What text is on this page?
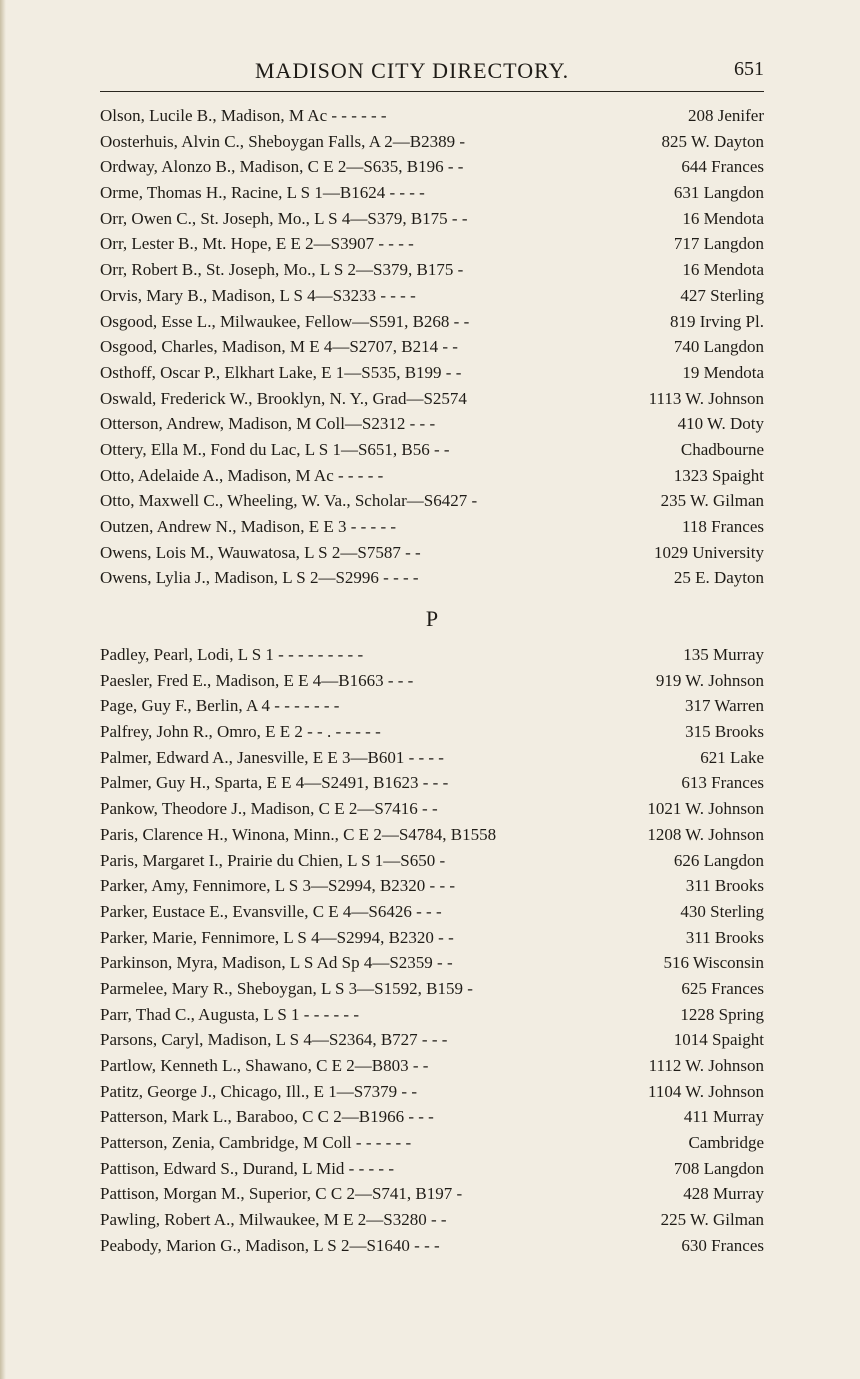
MADISON CITY DIRECTORY.	651
Olson, Lucile B., Madison, M Ac - - - - - -	208 Jenifer
Oosterhuis, Alvin C., Sheboygan Falls, A 2—B2389 -	825 W. Dayton
Ordway, Alonzo B., Madison, C E 2—S635, B196 - -	644 Frances
Orme, Thomas H., Racine, L S 1—B1624 - - - -	631 Langdon
Orr, Owen C., St. Joseph, Mo., L S 4—S379, B175 - -	16 Mendota
Orr, Lester B., Mt. Hope, E E 2—S3907 - - - -	717 Langdon
Orr, Robert B., St. Joseph, Mo., L S 2—S379, B175 -	16 Mendota
Orvis, Mary B., Madison, L S 4—S3233 - - - -	427 Sterling
Osgood, Esse L., Milwaukee, Fellow—S591, B268 - -	819 Irving Pl.
Osgood, Charles, Madison, M E 4—S2707, B214 - -	740 Langdon
Osthoff, Oscar P., Elkhart Lake, E 1—S535, B199 - -	19 Mendota
Oswald, Frederick W., Brooklyn, N. Y., Grad—S2574	1113 W. Johnson
Otterson, Andrew, Madison, M Coll—S2312 - - -	410 W. Doty
Ottery, Ella M., Fond du Lac, L S 1—S651, B56 - -	Chadbourne
Otto, Adelaide A., Madison, M Ac - - - - -	1323 Spaight
Otto, Maxwell C., Wheeling, W. Va., Scholar—S6427 -	235 W. Gilman
Outzen, Andrew N., Madison, E E 3 - - - - -	118 Frances
Owens, Lois M., Wauwatosa, L S 2—S7587 - -	1029 University
Owens, Lylia J., Madison, L S 2—S2996 - - - -	25 E. Dayton
P
Padley, Pearl, Lodi, L S 1 - - - - - - - - -	135 Murray
Paesler, Fred E., Madison, E E 4—B1663 - - -	919 W. Johnson
Page, Guy F., Berlin, A 4 - - - - - - -	317 Warren
Palfrey, John R., Omro, E E 2 - - . - - - - -	315 Brooks
Palmer, Edward A., Janesville, E E 3—B601 - - - -	621 Lake
Palmer, Guy H., Sparta, E E 4—S2491, B1623 - - -	613 Frances
Pankow, Theodore J., Madison, C E 2—S7416 - -	1021 W. Johnson
Paris, Clarence H., Winona, Minn., C E 2—S4784, B1558	1208 W. Johnson
Paris, Margaret I., Prairie du Chien, L S 1—S650 -	626 Langdon
Parker, Amy, Fennimore, L S 3—S2994, B2320 - - -	311 Brooks
Parker, Eustace E., Evansville, C E 4—S6426 - - -	430 Sterling
Parker, Marie, Fennimore, L S 4—S2994, B2320 - -	311 Brooks
Parkinson, Myra, Madison, L S Ad Sp 4—S2359 - -	516 Wisconsin
Parmelee, Mary R., Sheboygan, L S 3—S1592, B159 -	625 Frances
Parr, Thad C., Augusta, L S 1 - - - - - -	1228 Spring
Parsons, Caryl, Madison, L S 4—S2364, B727 - - -	1014 Spaight
Partlow, Kenneth L., Shawano, C E 2—B803 - -	1112 W. Johnson
Patitz, George J., Chicago, Ill., E 1—S7379 - -	1104 W. Johnson
Patterson, Mark L., Baraboo, C C 2—B1966 - - -	411 Murray
Patterson, Zenia, Cambridge, M Coll - - - - - -	Cambridge
Pattison, Edward S., Durand, L Mid - - - - -	708 Langdon
Pattison, Morgan M., Superior, C C 2—S741, B197 -	428 Murray
Pawling, Robert A., Milwaukee, M E 2—S3280 - -	225 W. Gilman
Peabody, Marion G., Madison, L S 2—S1640 - - -	630 Frances
